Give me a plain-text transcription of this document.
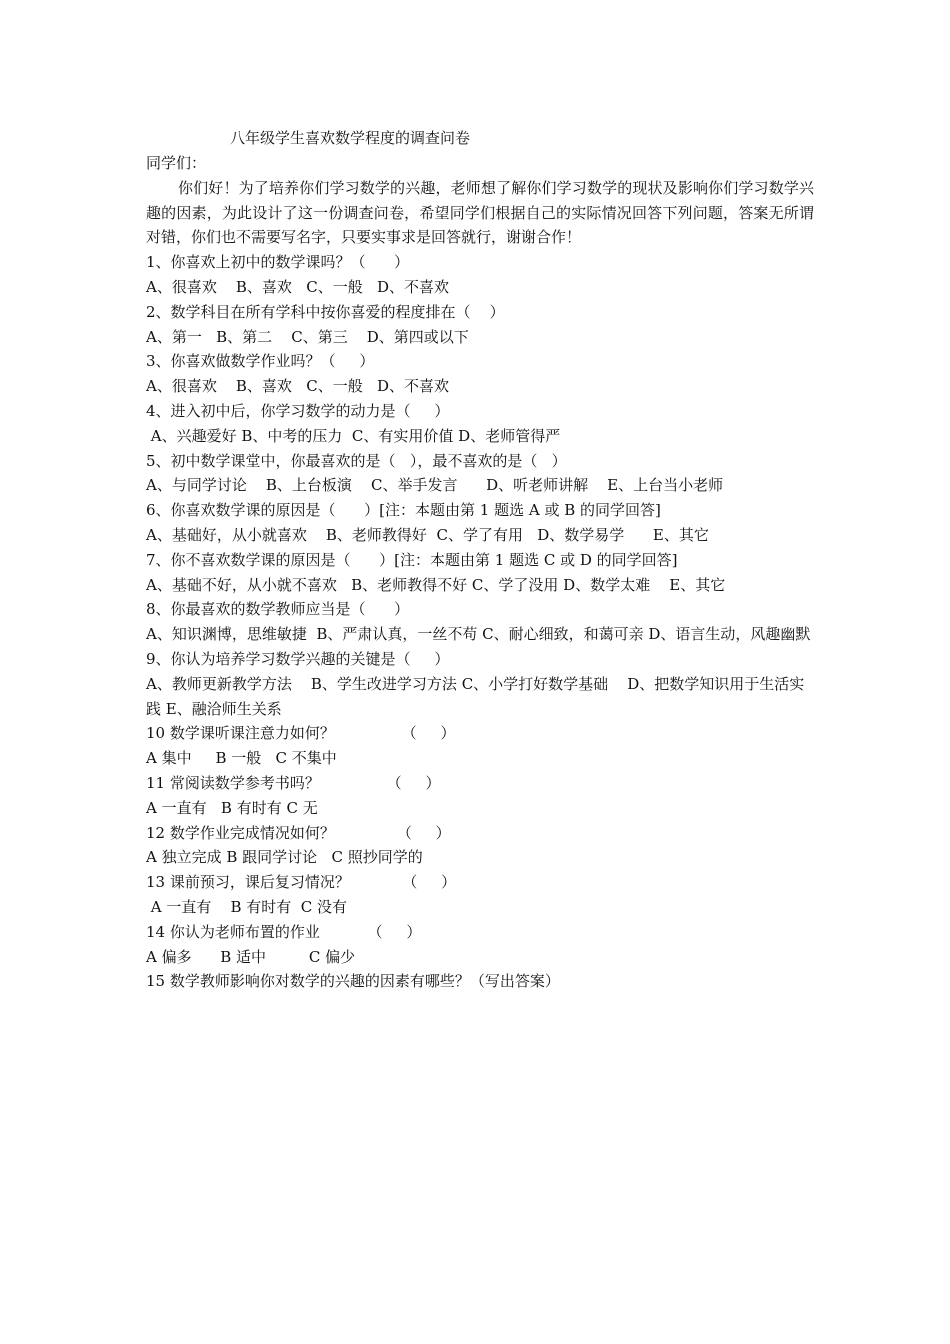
八年级学生喜欢数学程度的调查问卷
同学们：
你们好！为了培养你们学习数学的兴趣，老师想了解你们学习数学的现状及影响你们学习数学兴趣的因素，为此设计了这一份调查问卷，希望同学们根据自己的实际情况回答下列问题，答案无所谓对错，你们也不需要写名字，只要实事求是回答就行，谢谢合作！
1、你喜欢上初中的数学课吗？（      ）
A、很喜欢    B、喜欢   C、一般   D、不喜欢
2、数学科目在所有学科中按你喜爱的程度排在（    ）
A、第一   B、第二    C、第三    D、第四或以下
3、你喜欢做数学作业吗？（     ）
A、很喜欢    B、喜欢   C、一般   D、不喜欢
4、进入初中后，你学习数学的动力是（     ）
A、兴趣爱好 B、中考的压力  C、有实用价值 D、老师管得严
5、初中数学课堂中，你最喜欢的是（   ），最不喜欢的是（   ）
A、与同学讨论    B、上台板演    C、举手发言      D、听老师讲解    E、上台当小老师
6、你喜欢数学课的原因是（      ）[注：本题由第 1 题选 A 或 B 的同学回答]
A、基础好，从小就喜欢    B、老师教得好  C、学了有用   D、数学易学      E、其它
7、你不喜欢数学课的原因是（      ）[注：本题由第 1 题选 C 或 D 的同学回答]
A、基础不好，从小就不喜欢   B、老师教得不好 C、学了没用 D、数学太难    E、其它
8、你最喜欢的数学教师应当是（      ）
A、知识渊博，思维敏捷  B、严肃认真，一丝不苟 C、耐心细致，和蔼可亲 D、语言生动，风趣幽默
9、你认为培养学习数学兴趣的关键是（     ）
A、教师更新教学方法    B、学生改进学习方法 C、小学打好数学基础    D、把数学知识用于生活实践 E、融洽师生关系
10 数学课听课注意力如何？              （     ）
A 集中     B 一般   C 不集中
11 常阅读数学参考书吗？              （     ）
A 一直有   B 有时有 C 无
12 数学作业完成情况如何？             （     ）
A 独立完成 B 跟同学讨论   C 照抄同学的
13 课前预习，课后复习情况？           （     ）
A 一直有    B 有时有  C 没有
14 你认为老师布置的作业          （     ）
A 偏多      B 适中         C 偏少
15 数学教师影响你对数学的兴趣的因素有哪些？（写出答案）
